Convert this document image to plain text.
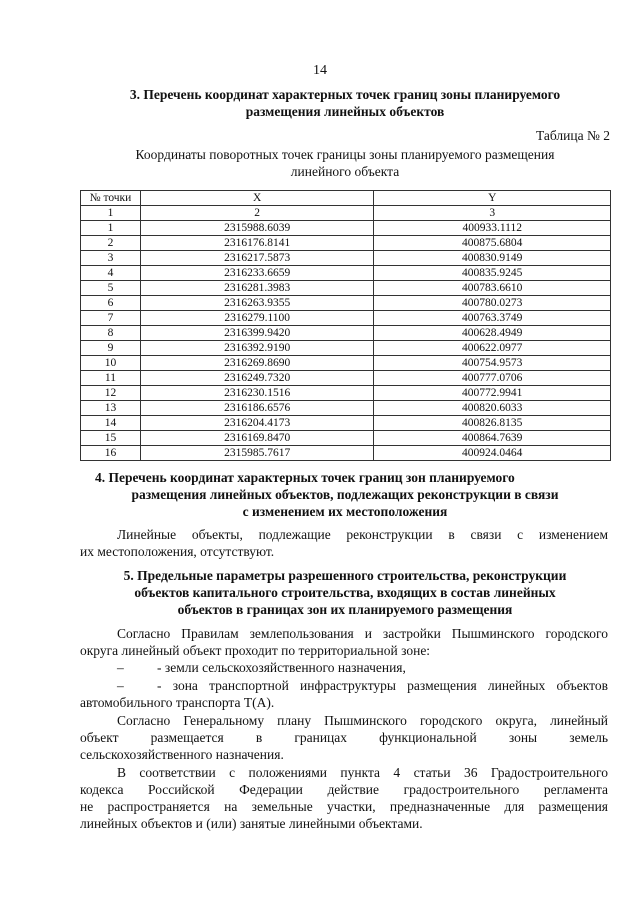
14
3. Перечень координат характерных точек границ зоны планируемого
размещения линейных объектов
Таблица № 2
Координаты поворотных точек границы зоны планируемого размещения
линейного объекта
№ точки	X	Y
1	2	3
1	2315988.6039	400933.1112
2	2316176.8141	400875.6804
3	2316217.5873	400830.9149
4	2316233.6659	400835.9245
5	2316281.3983	400783.6610
6	2316263.9355	400780.0273
7	2316279.1100	400763.3749
8	2316399.9420	400628.4949
9	2316392.9190	400622.0977
10	2316269.8690	400754.9573
11	2316249.7320	400777.0706
12	2316230.1516	400772.9941
13	2316186.6576	400820.6033
14	2316204.4173	400826.8135
15	2316169.8470	400864.7639
16	2315985.7617	400924.0464
4. Перечень координат характерных точек границ зон планируемого
размещения линейных объектов, подлежащих реконструкции в связи
с изменением их местоположения
Линейные объекты, подлежащие реконструкции в связи с изменением
их местоположения, отсутствуют.
5. Предельные параметры разрешенного строительства, реконструкции
объектов капитального строительства, входящих в состав линейных
объектов в границах зон их планируемого размещения
Согласно Правилам землепользования и застройки Пышминского городского
округа линейный объект проходит по территориальной зоне:
– - земли сельскохозяйственного назначения,
– - зона транспортной инфраструктуры размещения линейных объектов
автомобильного транспорта Т(А).
Согласно Генеральному плану Пышминского городского округа, линейный
объект размещается в границах функциональной зоны земель
сельскохозяйственного назначения.
В соответствии с положениями пункта 4 статьи 36 Градостроительного
кодекса Российской Федерации действие градостроительного регламента
не распространяется на земельные участки, предназначенные для размещения
линейных объектов и (или) занятые линейными объектами.
